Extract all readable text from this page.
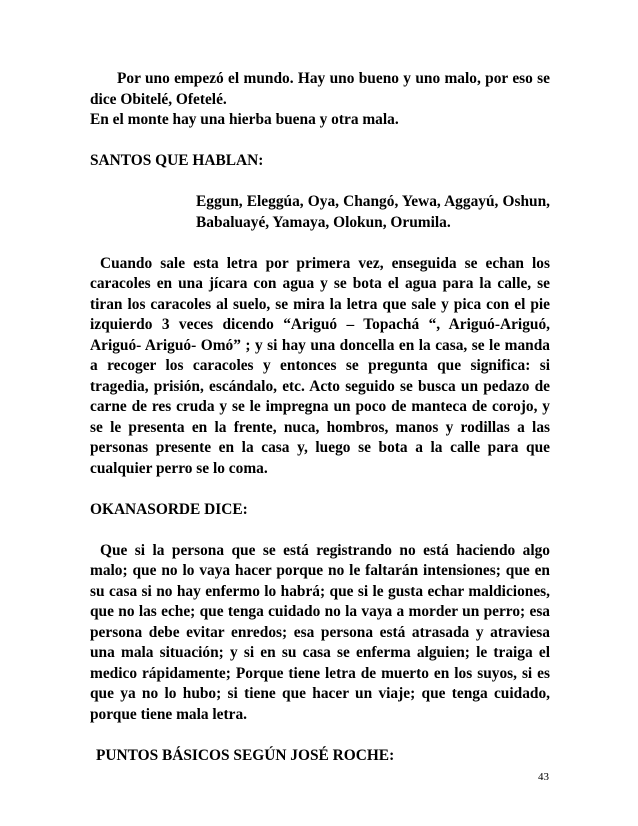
Por uno empezó el mundo. Hay uno bueno y uno malo, por eso se dice Obitelé, Ofetelé.

En el monte hay una hierba buena y otra mala.

SANTOS QUE HABLAN:

Eggun, Eleggúa, Oya, Changó, Yewa, Aggayú, Oshun, Babaluayé, Yamaya, Olokun, Orumila.

Cuando sale esta letra por primera vez, enseguida se echan los caracoles en una jícara con agua y se bota el agua para la calle, se tiran los caracoles al suelo, se mira la letra que sale y pica con el pie izquierdo 3 veces dicendo “Ariguó – Topachá “, Ariguó-Ariguó, Ariguó- Ariguó- Omó” ; y si hay una doncella en la casa, se le manda a recoger los caracoles y entonces se pregunta que significa: si tragedia, prisión, escándalo, etc. Acto seguido se busca un pedazo de carne de res cruda y se le impregna un poco de manteca de corojo, y se le presenta en la frente, nuca, hombros, manos y rodillas a las personas presente en la casa y, luego se bota a la calle para que cualquier perro se lo coma.

OKANASORDE DICE:

Que si la persona que se está registrando no está haciendo algo malo; que no lo vaya hacer porque no le faltarán intensiones; que en su casa si no hay enfermo lo habrá; que si le gusta echar maldiciones, que no las eche; que tenga cuidado no la vaya a morder un perro; esa persona debe evitar enredos; esa persona está atrasada y atraviesa una mala situación; y si en su casa se enferma alguien; le traiga el medico rápidamente; Porque tiene letra de muerto en los suyos, si es que ya no lo hubo; si tiene que hacer un viaje; que tenga cuidado, porque tiene mala letra.

PUNTOS BÁSICOS SEGÚN JOSÉ ROCHE:

43
